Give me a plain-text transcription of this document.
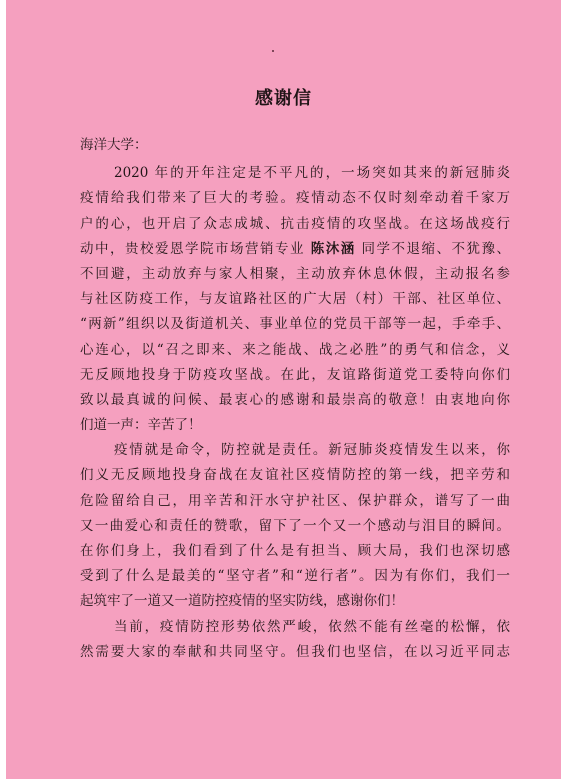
感谢信
海洋大学：
2020 年的开年注定是不平凡的，一场突如其来的新冠肺炎
疫情给我们带来了巨大的考验。疫情动态不仅时刻牵动着千家万
户的心，也开启了众志成城、抗击疫情的攻坚战。在这场战疫行
动中，贵校爱恩学院市场营销专业 陈沐涵 同学不退缩、不犹豫、
不回避，主动放弃与家人相聚，主动放弃休息休假，主动报名参
与社区防疫工作，与友谊路社区的广大居（村）干部、社区单位、
“两新”组织以及街道机关、事业单位的党员干部等一起，手牵手、
心连心，以“召之即来、来之能战、战之必胜”的勇气和信念，义
无反顾地投身于防疫攻坚战。在此，友谊路街道党工委特向你们
致以最真诚的问候、最衷心的感谢和最崇高的敬意！由衷地向你
们道一声：辛苦了！
疫情就是命令，防控就是责任。新冠肺炎疫情发生以来，你
们义无反顾地投身奋战在友谊社区疫情防控的第一线，把辛劳和
危险留给自己，用辛苦和汗水守护社区、保护群众，谱写了一曲
又一曲爱心和责任的赞歌，留下了一个又一个感动与泪目的瞬间。
在你们身上，我们看到了什么是有担当、顾大局，我们也深切感
受到了什么是最美的“坚守者”和“逆行者”。因为有你们，我们一
起筑牢了一道又一道防控疫情的坚实防线，感谢你们！
当前，疫情防控形势依然严峻，依然不能有丝毫的松懈，依
然需要大家的奉献和共同坚守。但我们也坚信，在以习近平同志
